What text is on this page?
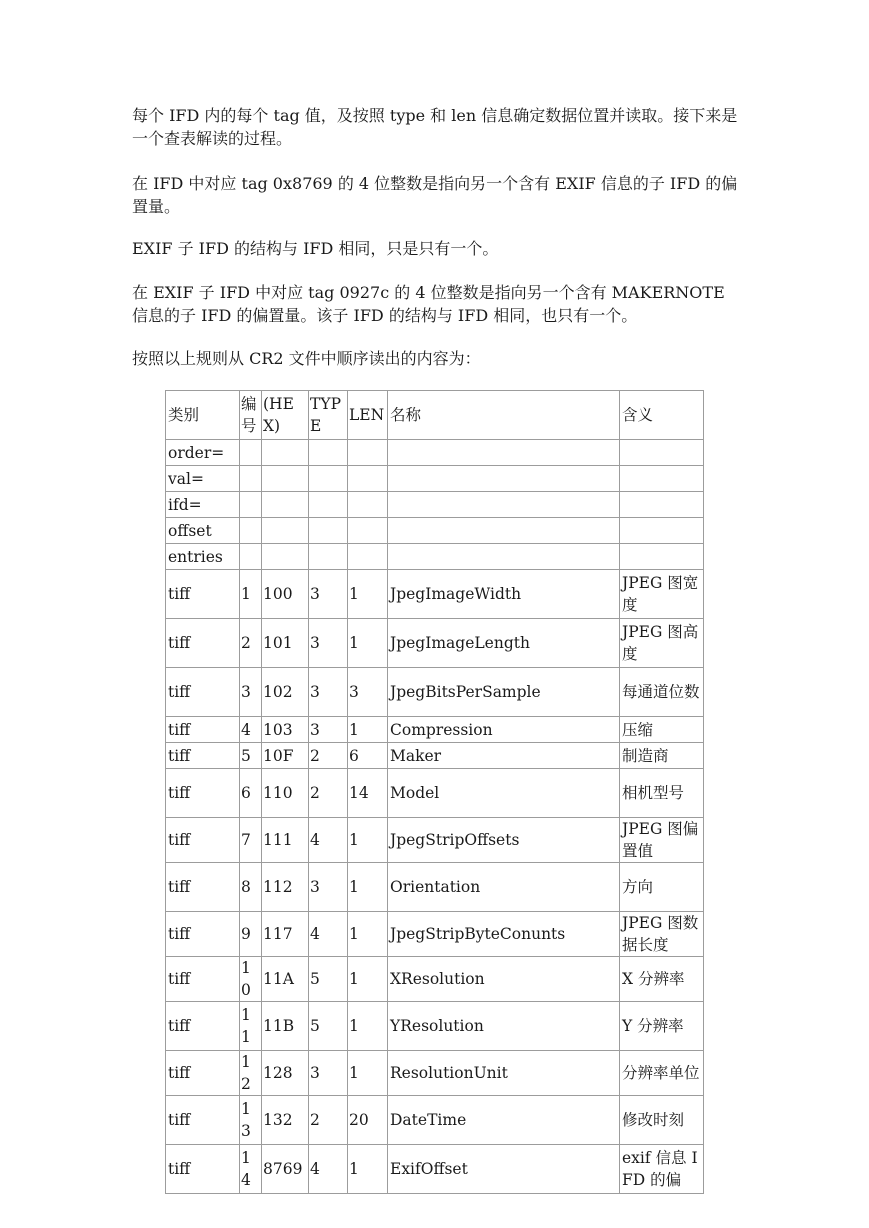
每个 IFD 内的每个 tag 值，及按照 type 和 len 信息确定数据位置并读取。接下来是一个查表解读的过程。

在 IFD 中对应 tag 0x8769 的 4 位整数是指向另一个含有 EXIF 信息的子 IFD 的偏置量。

EXIF 子 IFD 的结构与 IFD 相同，只是只有一个。

在 EXIF 子 IFD 中对应 tag 0927c 的 4 位整数是指向另一个含有 MAKERNOTE 信息的子 IFD 的偏置量。该子 IFD 的结构与 IFD 相同，也只有一个。

按照以上规则从 CR2 文件中顺序读出的内容为：

类别	编号	(HEX)	TYPE	LEN	名称	含义
order=						
val=						
ifd=						
offset						
entries						
tiff	1	100	3	1	JpegImageWidth	JPEG 图宽度
tiff	2	101	3	1	JpegImageLength	JPEG 图高度
tiff	3	102	3	3	JpegBitsPerSample	每通道位数
tiff	4	103	3	1	Compression	压缩
tiff	5	10F	2	6	Maker	制造商
tiff	6	110	2	14	Model	相机型号
tiff	7	111	4	1	JpegStripOffsets	JPEG 图偏置值
tiff	8	112	3	1	Orientation	方向
tiff	9	117	4	1	JpegStripByteConunts	JPEG 图数据长度
tiff	10	11A	5	1	XResolution	X 分辨率
tiff	11	11B	5	1	YResolution	Y 分辨率
tiff	12	128	3	1	ResolutionUnit	分辨率单位
tiff	13	132	2	20	DateTime	修改时刻
tiff	14	8769	4	1	ExifOffset	exif 信息 IFD 的偏
